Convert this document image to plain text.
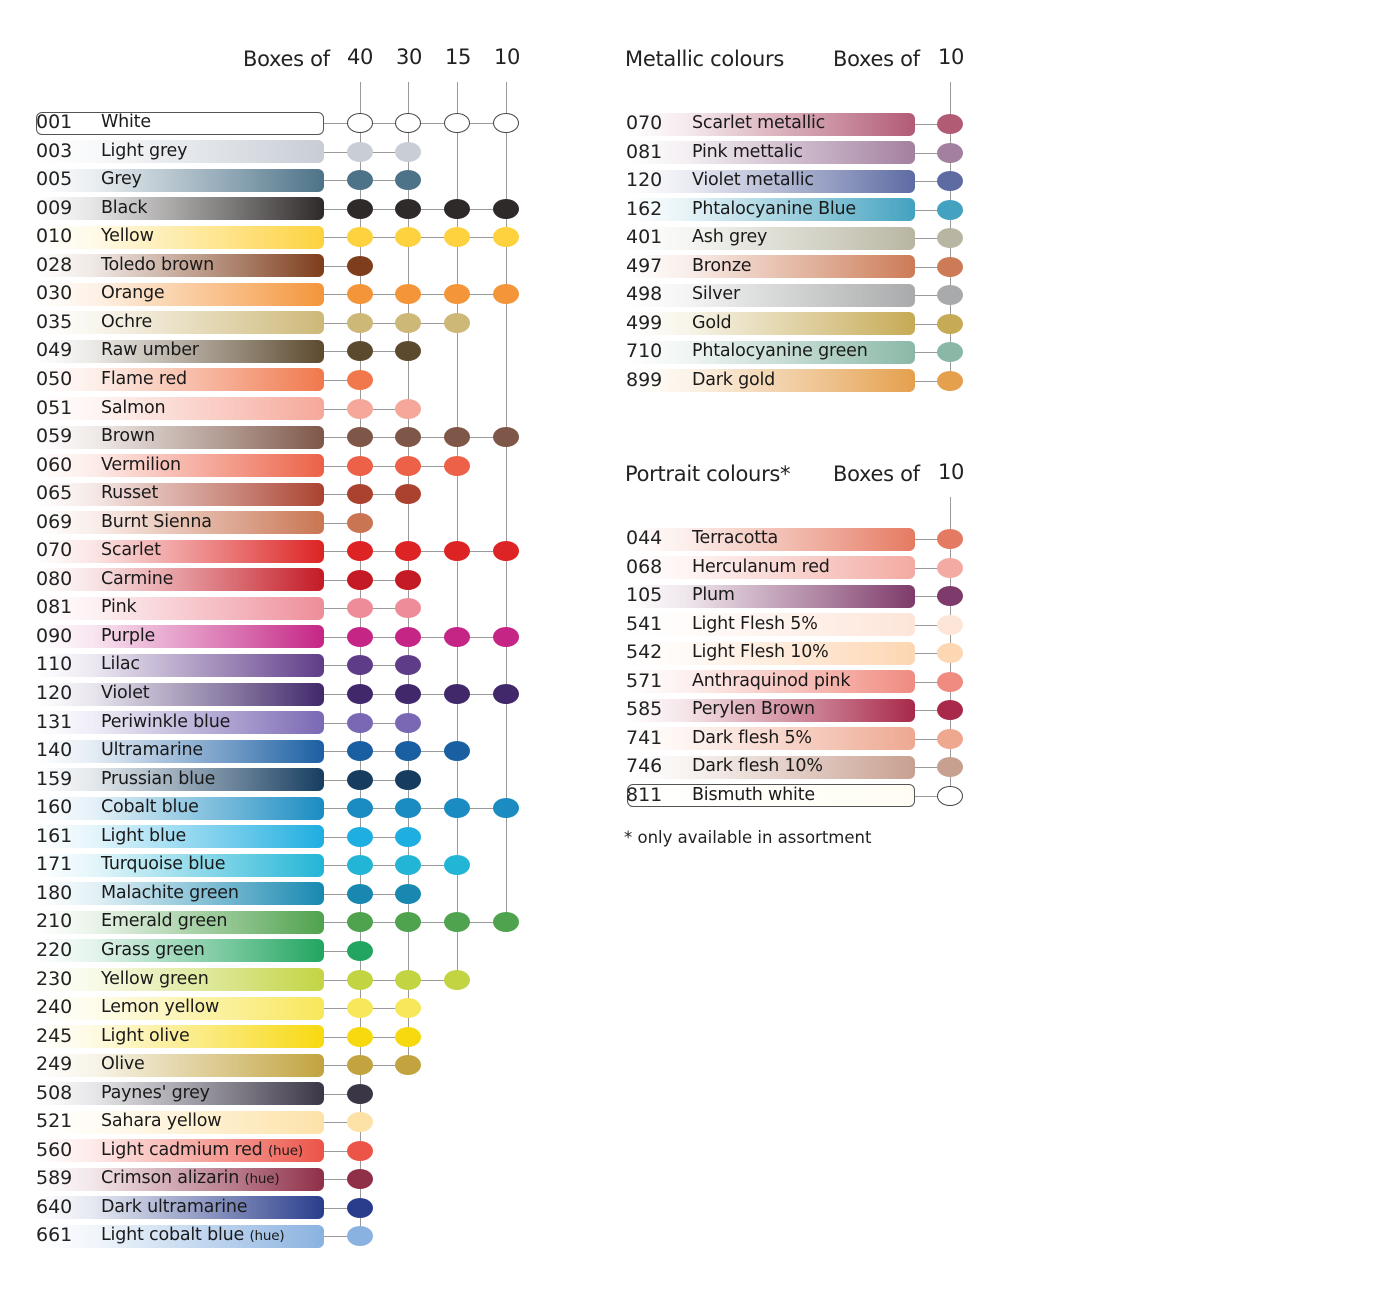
Boxes of 40 30 15 10	Metallic colours Boxes of 10
Portrait colours* Boxes of 10
* only available in assortment
001 White
003 Light grey
005 Grey
009 Black
010 Yellow
028 Toledo brown
030 Orange
035 Ochre
049 Raw umber
050 Flame red
051 Salmon
059 Brown
060 Vermilion
065 Russet
069 Burnt Sienna
070 Scarlet
080 Carmine
081 Pink
090 Purple
110 Lilac
120 Violet
131 Periwinkle blue
140 Ultramarine
159 Prussian blue
160 Cobalt blue
161 Light blue
171 Turquoise blue
180 Malachite green
210 Emerald green
220 Grass green
230 Yellow green
240 Lemon yellow
245 Light olive
249 Olive
508 Paynes' grey
521 Sahara yellow
560 Light cadmium red (hue)
589 Crimson alizarin (hue)
640 Dark ultramarine
661 Light cobalt blue (hue)
070 Scarlet metallic
081 Pink mettalic
120 Violet metallic
162 Phtalocyanine Blue
401 Ash grey
497 Bronze
498 Silver
499 Gold
710 Phtalocyanine green
899 Dark gold
044 Terracotta
068 Herculanum red
105 Plum
541 Light Flesh 5%
542 Light Flesh 10%
571 Anthraquinod pink
585 Perylen Brown
741 Dark flesh 5%
746 Dark flesh 10%
811 Bismuth white
